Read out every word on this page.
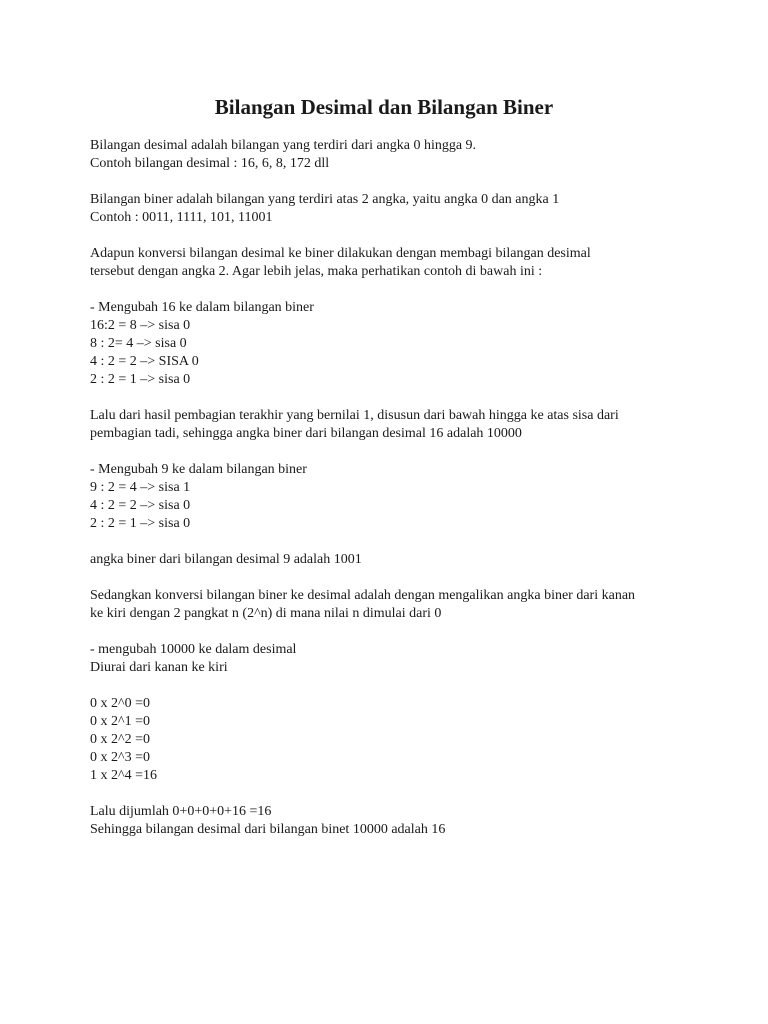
Bilangan Desimal dan Bilangan Biner
Bilangan desimal adalah bilangan yang terdiri dari angka 0 hingga 9.
Contoh bilangan desimal : 16, 6, 8, 172 dll
Bilangan biner adalah bilangan yang terdiri atas 2 angka, yaitu angka 0 dan angka 1
Contoh : 0011, 1111, 101, 11001
Adapun konversi bilangan desimal ke biner dilakukan dengan membagi bilangan desimal
tersebut dengan angka 2. Agar lebih jelas, maka perhatikan contoh di bawah ini :
- Mengubah 16 ke dalam bilangan biner
16:2 = 8 –> sisa 0
8 : 2= 4 –> sisa 0
4 : 2 = 2 –> SISA 0
2 : 2 = 1 –> sisa 0
Lalu dari hasil pembagian terakhir yang bernilai 1, disusun dari bawah hingga ke atas sisa dari
pembagian tadi, sehingga angka biner dari bilangan desimal 16 adalah 10000
- Mengubah 9 ke dalam bilangan biner
9 : 2 = 4 –> sisa 1
4 : 2 = 2 –> sisa 0
2 : 2 = 1 –> sisa 0
angka biner dari bilangan desimal 9 adalah 1001
Sedangkan konversi bilangan biner ke desimal adalah dengan mengalikan angka biner dari kanan
ke kiri dengan 2 pangkat n (2^n) di mana nilai n dimulai dari 0
- mengubah 10000 ke dalam desimal
Diurai dari kanan ke kiri
0 x 2^0 =0
0 x 2^1 =0
0 x 2^2 =0
0 x 2^3 =0
1 x 2^4 =16
Lalu dijumlah 0+0+0+0+16 =16
Sehingga bilangan desimal dari bilangan binet 10000 adalah 16
